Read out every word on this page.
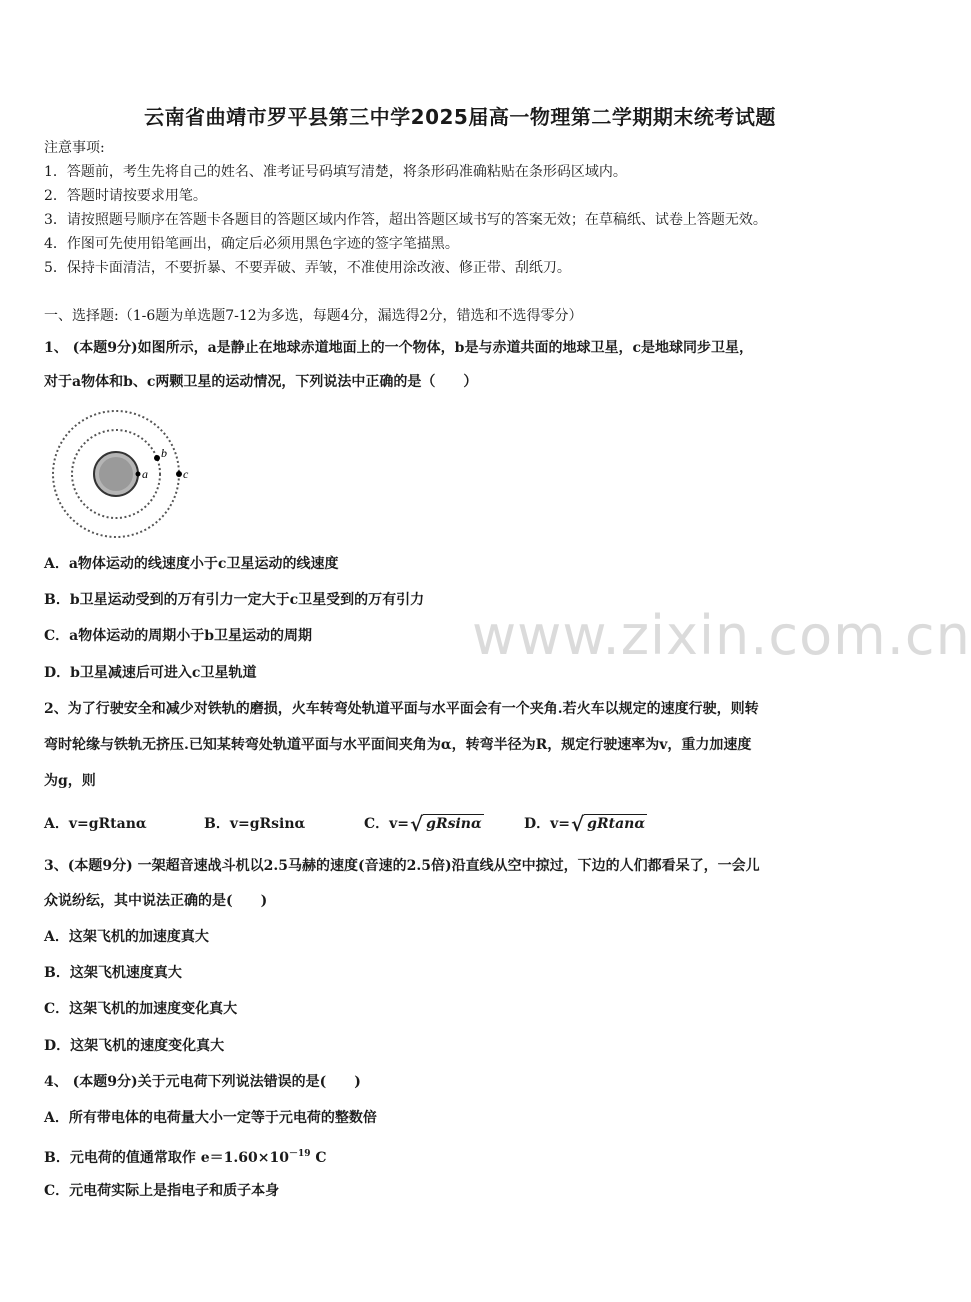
云南省曲靖市罗平县第三中学2025届高一物理第二学期期末统考试题
注意事项:
1．答题前，考生先将自己的姓名、准考证号码填写清楚，将条形码准确粘贴在条形码区域内。
2．答题时请按要求用笔。
3．请按照题号顺序在答题卡各题目的答题区域内作答，超出答题区域书写的答案无效；在草稿纸、试卷上答题无效。
4．作图可先使用铅笔画出，确定后必须用黑色字迹的签字笔描黑。
5．保持卡面清洁，不要折暴、不要弄破、弄皱，不准使用涂改液、修正带、刮纸刀。
一、选择题:（1-6题为单选题7-12为多选，每题4分，漏选得2分，错选和不选得零分）
1、 (本题9分)如图所示，a是静止在地球赤道地面上的一个物体，b是与赤道共面的地球卫星，c是地球同步卫星，
对于a物体和b、c两颗卫星的运动情况，下列说法中正确的是（　　）
a
b
c
A．a物体运动的线速度小于c卫星运动的线速度
B．b卫星运动受到的万有引力一定大于c卫星受到的万有引力
C．a物体运动的周期小于b卫星运动的周期
D．b卫星减速后可进入c卫星轨道
www.zixin.com.cn
2、为了行驶安全和减少对铁轨的磨损，火车转弯处轨道平面与水平面会有一个夹角.若火车以规定的速度行驶，则转
弯时轮缘与铁轨无挤压.已知某转弯处轨道平面与水平面间夹角为α，转弯半径为R，规定行驶速率为v，重力加速度
为g，则
A．v=gRtanα	B．v=gRsinα	C．v=√ gRsinα	D．v=√ gRtanα
3、(本题9分) 一架超音速战斗机以2.5马赫的速度(音速的2.5倍)沿直线从空中掠过，下边的人们都看呆了，一会儿
众说纷纭，其中说法正确的是(　　)
A．这架飞机的加速度真大
B．这架飞机速度真大
C．这架飞机的加速度变化真大
D．这架飞机的速度变化真大
4、 (本题9分)关于元电荷下列说法错误的是(　　)
A．所有带电体的电荷量大小一定等于元电荷的整数倍
B．元电荷的值通常取作 $e=1.60\times 10^{-19}$ C
C．元电荷实际上是指电子和质子本身
